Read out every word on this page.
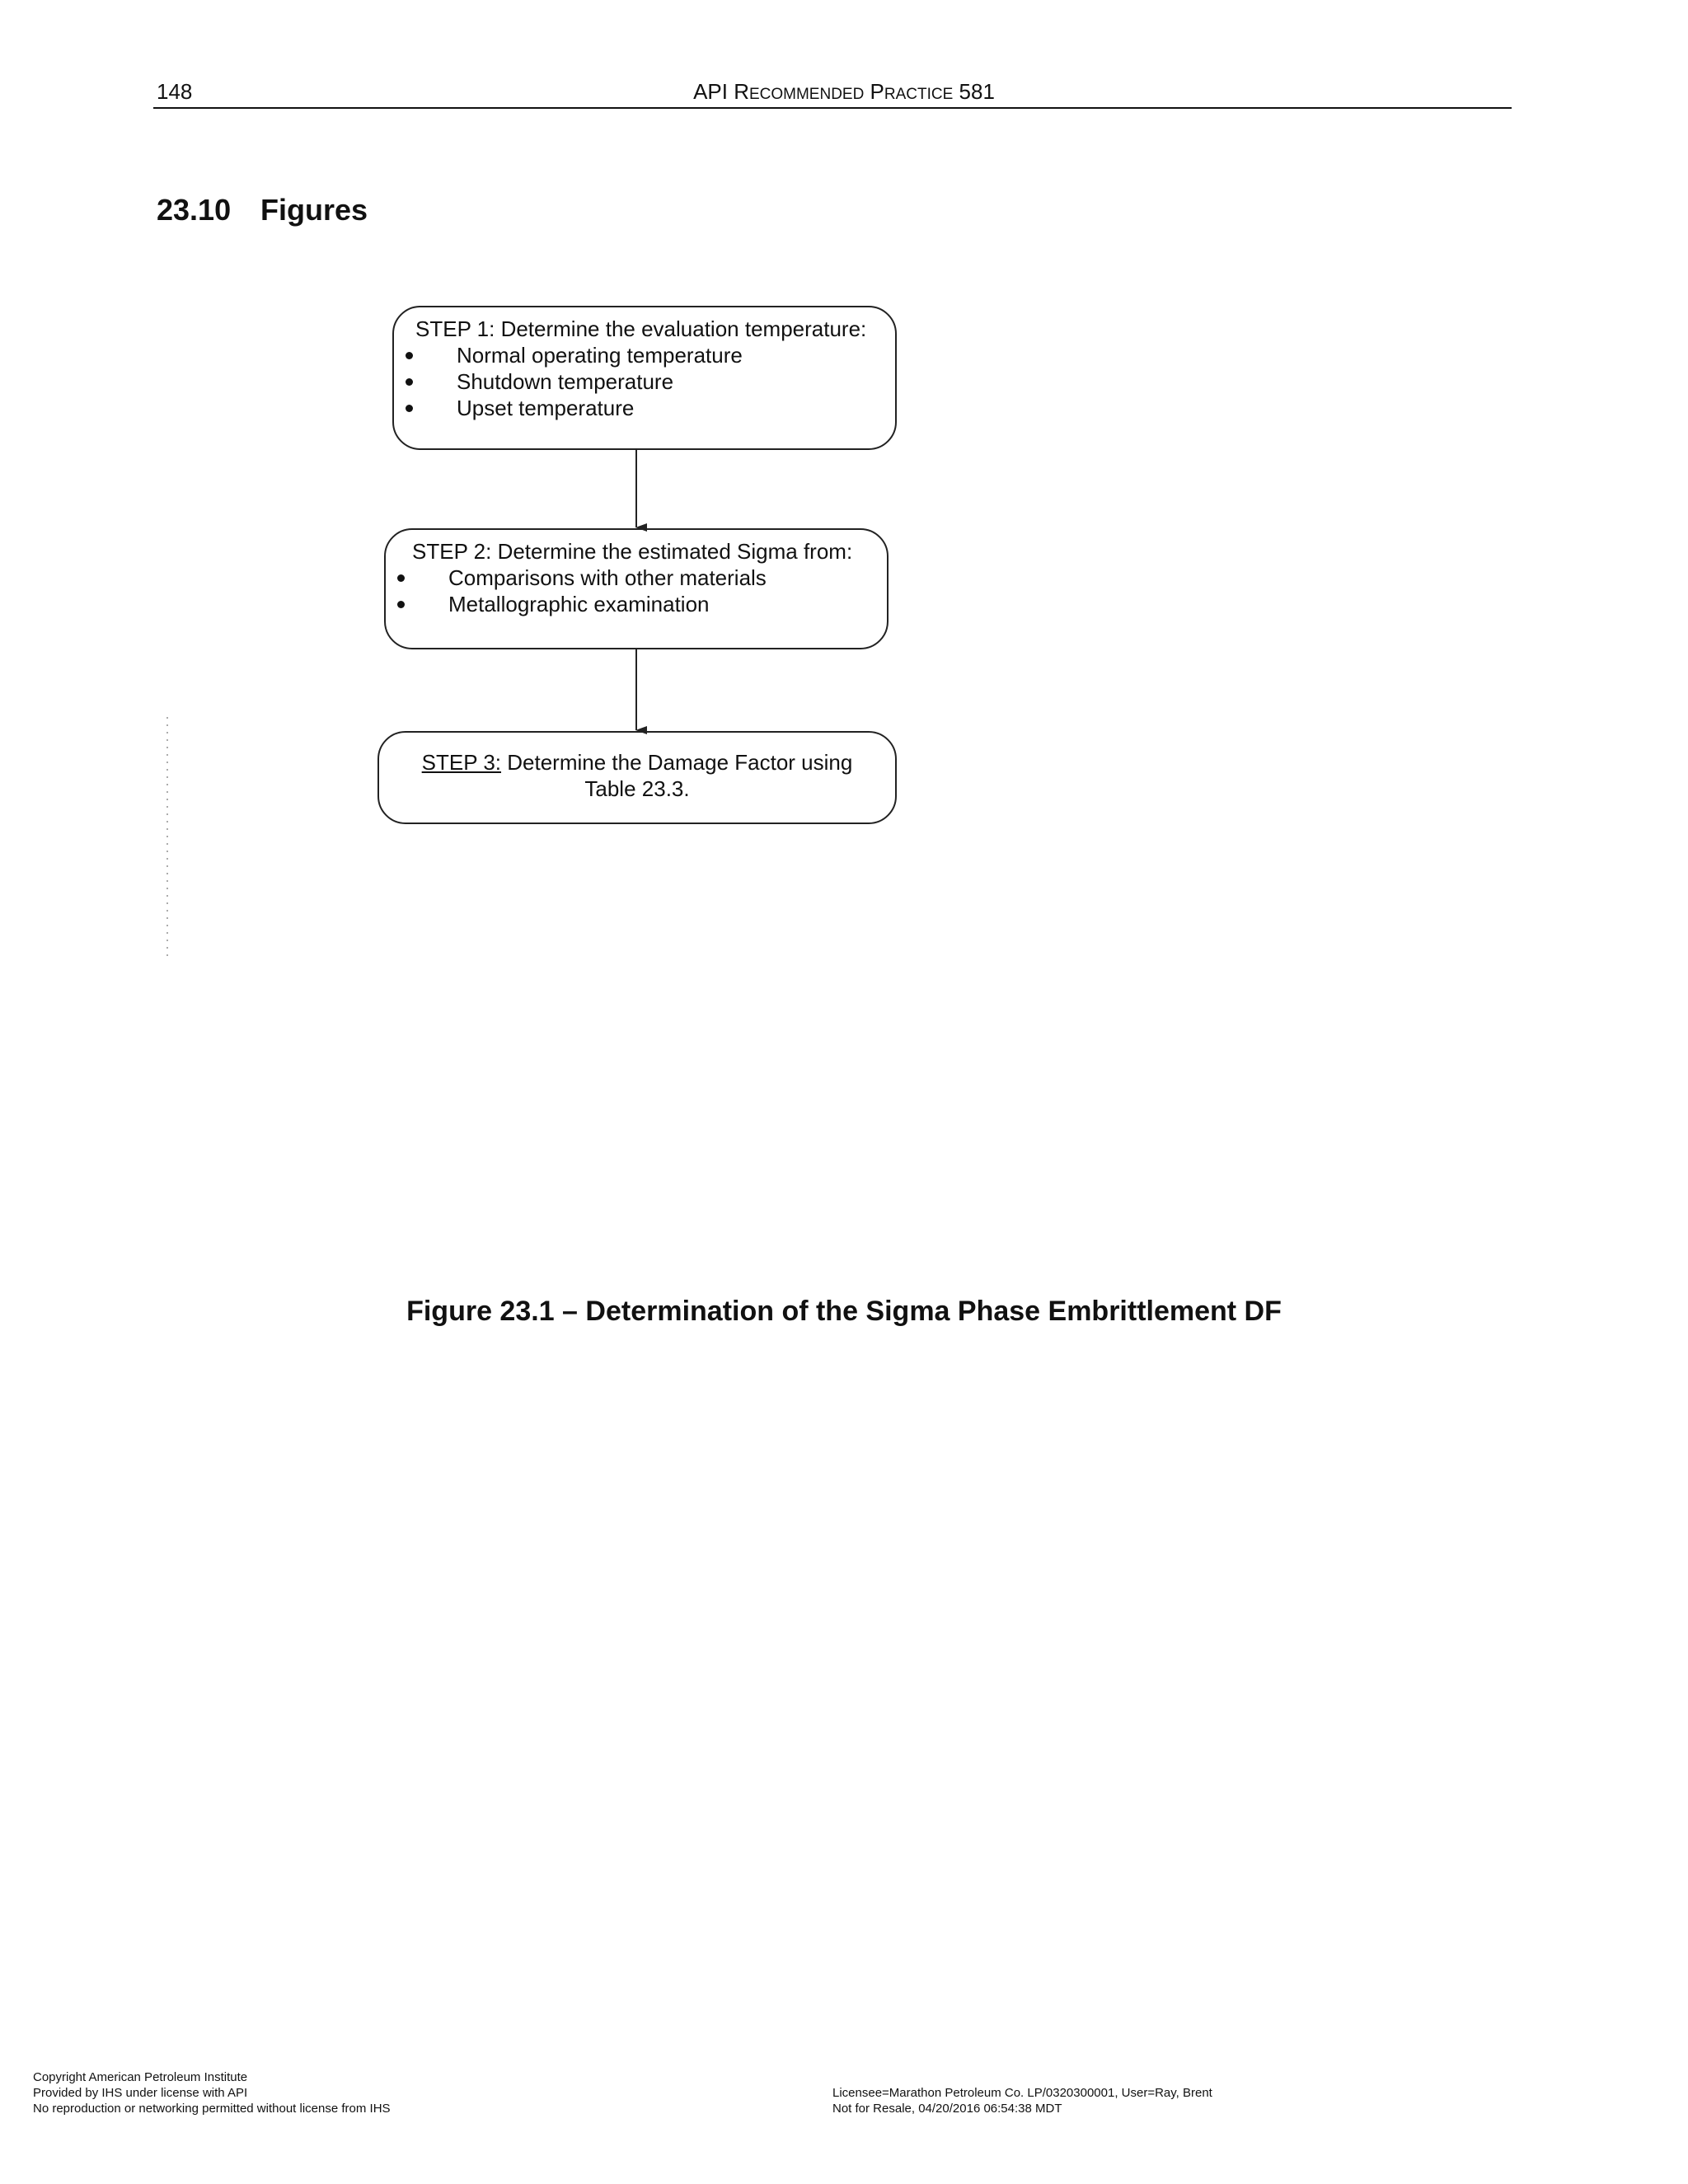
148	API RECOMMENDED PRACTICE 581
23.10 Figures
STEP 1: Determine the evaluation temperature:
Normal operating temperature
Shutdown temperature
Upset temperature
STEP 2: Determine the estimated Sigma from:
Comparisons with other materials
Metallographic examination
STEP 3: Determine the Damage Factor using
Table 23.3.
Figure 23.1 – Determination of the Sigma Phase Embrittlement DF
Copyright American Petroleum Institute
Provided by IHS under license with API
No reproduction or networking permitted without license from IHS
Licensee=Marathon Petroleum Co. LP/0320300001, User=Ray, Brent
Not for Resale, 04/20/2016 06:54:38 MDT
